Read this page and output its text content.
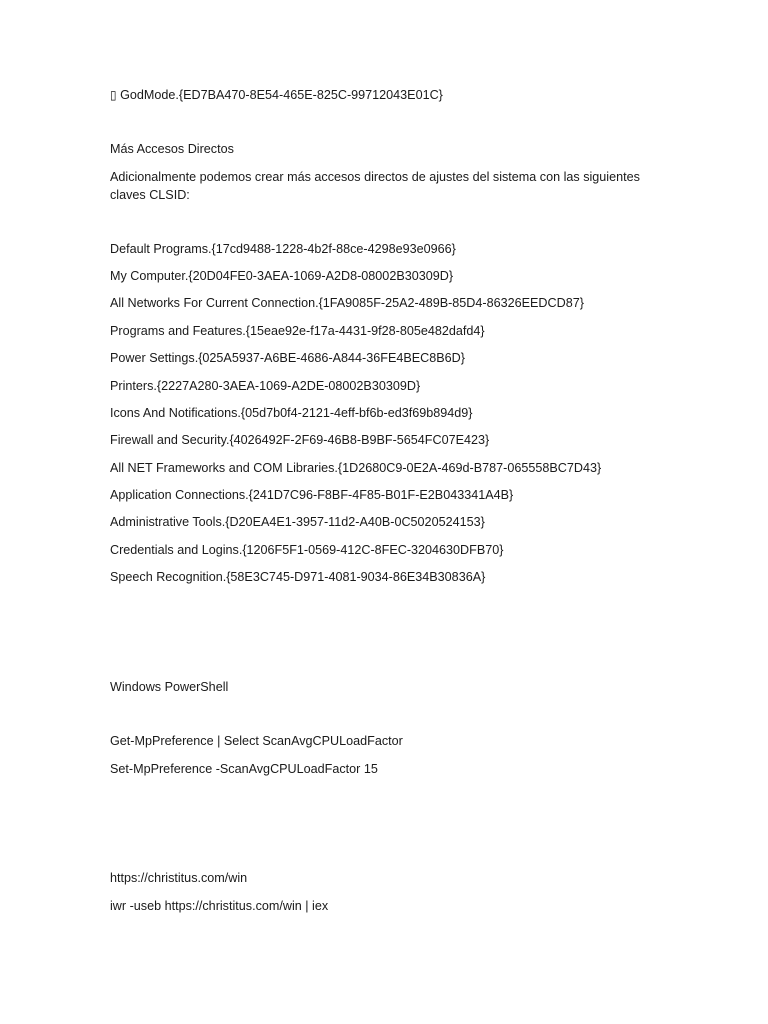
▯ GodMode.{ED7BA470-8E54-465E-825C-99712043E01C}
Más Accesos Directos
Adicionalmente podemos crear más accesos directos de ajustes del sistema con las siguientes claves CLSID:
Default Programs.{17cd9488-1228-4b2f-88ce-4298e93e0966}
My Computer.{20D04FE0-3AEA-1069-A2D8-08002B30309D}
All Networks For Current Connection.{1FA9085F-25A2-489B-85D4-86326EEDCD87}
Programs and Features.{15eae92e-f17a-4431-9f28-805e482dafd4}
Power Settings.{025A5937-A6BE-4686-A844-36FE4BEC8B6D}
Printers.{2227A280-3AEA-1069-A2DE-08002B30309D}
Icons And Notifications.{05d7b0f4-2121-4eff-bf6b-ed3f69b894d9}
Firewall and Security.{4026492F-2F69-46B8-B9BF-5654FC07E423}
All NET Frameworks and COM Libraries.{1D2680C9-0E2A-469d-B787-065558BC7D43}
Application Connections.{241D7C96-F8BF-4F85-B01F-E2B043341A4B}
Administrative Tools.{D20EA4E1-3957-11d2-A40B-0C5020524153}
Credentials and Logins.{1206F5F1-0569-412C-8FEC-3204630DFB70}
Speech Recognition.{58E3C745-D971-4081-9034-86E34B30836A}
Windows PowerShell
Get-MpPreference | Select ScanAvgCPULoadFactor
Set-MpPreference -ScanAvgCPULoadFactor 15
https://christitus.com/win
iwr -useb https://christitus.com/win | iex
